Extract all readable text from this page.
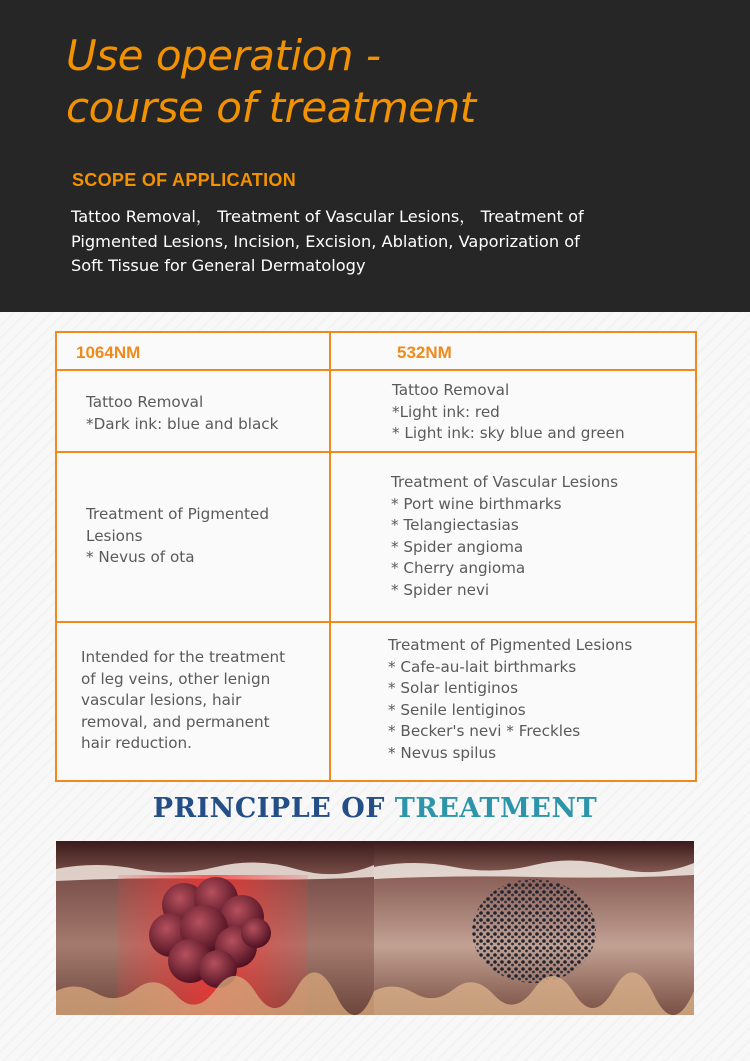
Use operation -
course of treatment
SCOPE OF APPLICATION
Tattoo Removal， Treatment of Vascular Lesions， Treatment of
Pigmented Lesions, Incision, Excision, Ablation, Vaporization of
Soft Tissue for General Dermatology
1064NM	532NM
Tattoo Removal
*Dark ink: blue and black
Tattoo Removal
*Light ink: red
* Light ink: sky blue and green
Treatment of Pigmented
Lesions
* Nevus of ota
Treatment of Vascular Lesions
* Port wine birthmarks
* Telangiectasias
* Spider angioma
* Cherry angioma
* Spider nevi
Intended for the treatment
of leg veins, other lenign
vascular lesions, hair
removal, and permanent
hair reduction.
Treatment of Pigmented Lesions
* Cafe-au-lait birthmarks
* Solar lentiginos
* Senile lentiginos
* Becker's nevi * Freckles
* Nevus spilus
PRINCIPLE OF TREATMENT
